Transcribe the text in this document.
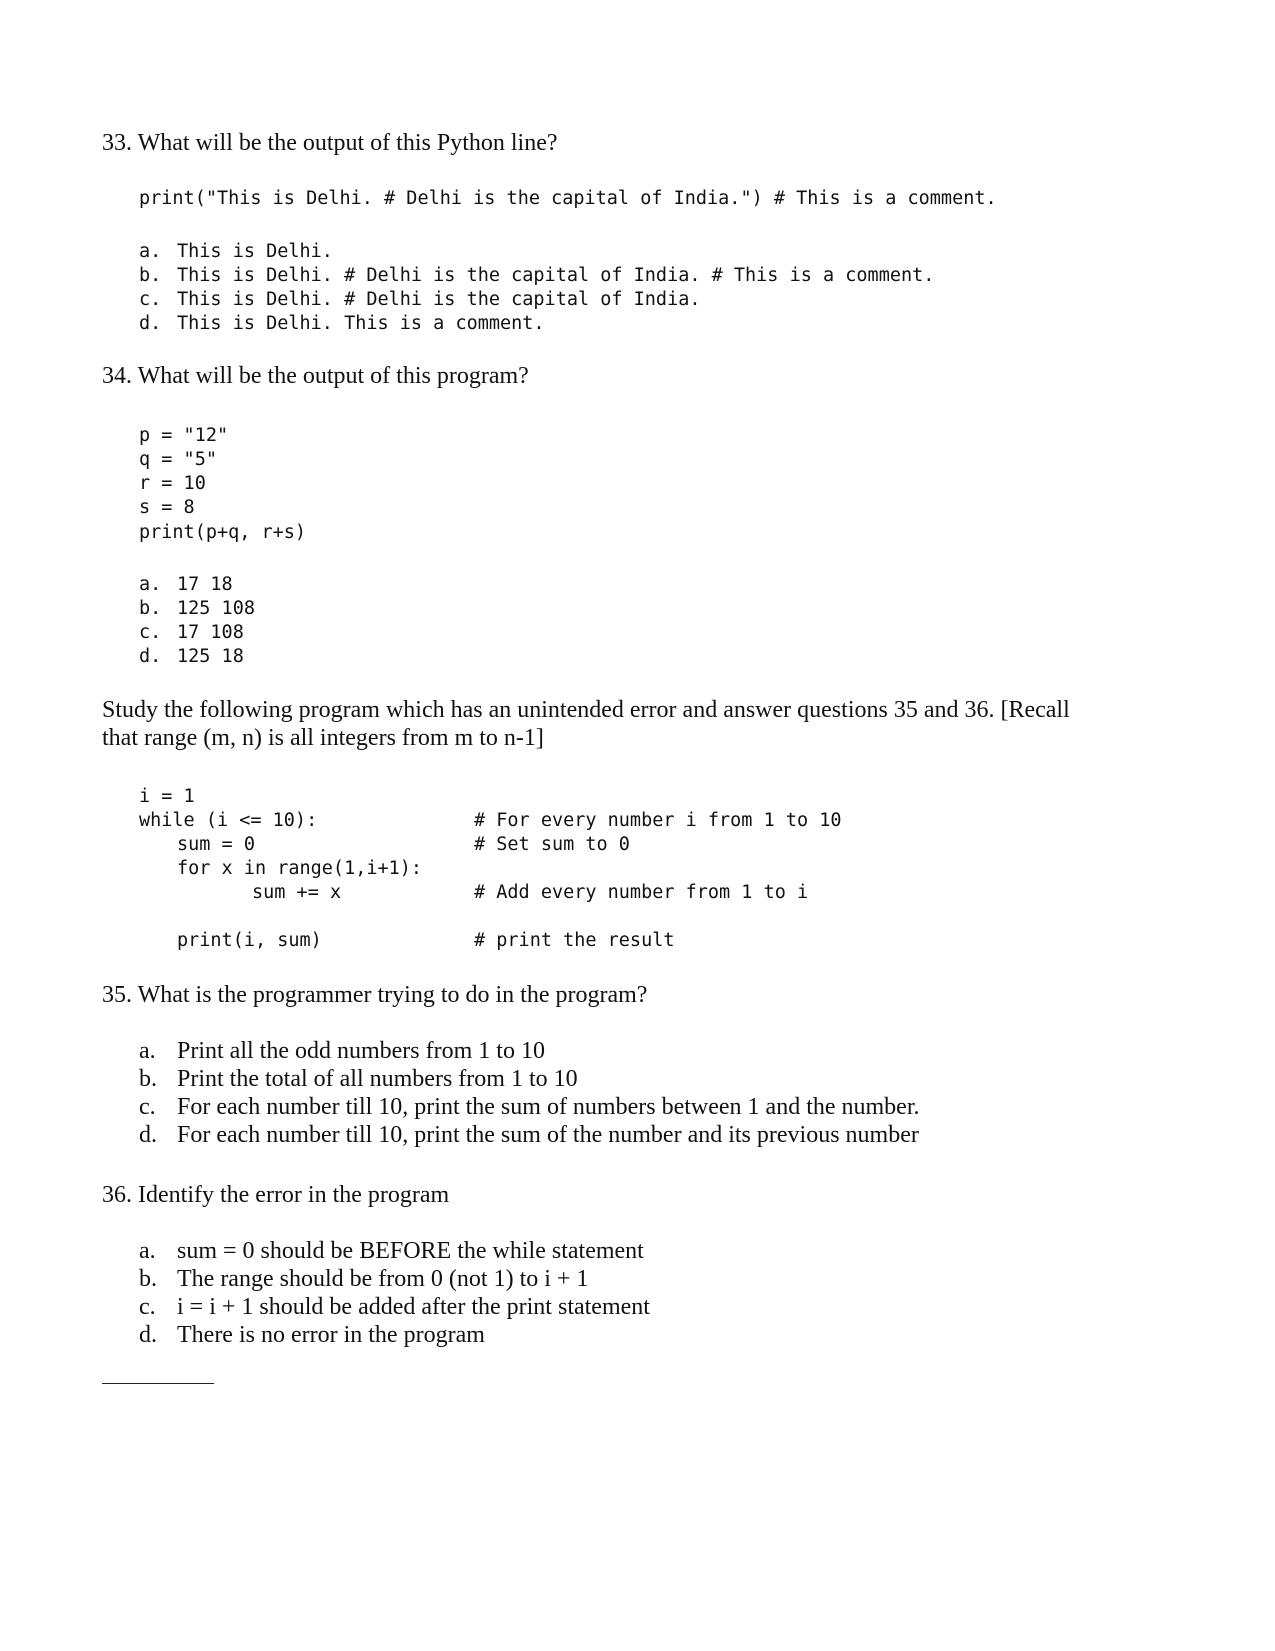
33. What will be the output of this Python line?
print("This is Delhi. # Delhi is the capital of India.") # This is a comment.
a. This is Delhi.
b. This is Delhi. # Delhi is the capital of India. # This is a comment.
c. This is Delhi. # Delhi is the capital of India.
d. This is Delhi. This is a comment.
34. What will be the output of this program?
p = "12"
q = "5"
r = 10
s = 8
print(p+q, r+s)
a. 17 18
b. 125 108
c. 17 108
d. 125 18
Study the following program which has an unintended error and answer questions 35 and 36. [Recall
that range (m, n) is all integers from m to n-1]
i = 1
while (i <= 10):	# For every number i from 1 to 10
sum = 0	# Set sum to 0
for x in range(1,i+1):
sum += x	# Add every number from 1 to i
print(i, sum)	# print the result
35. What is the programmer trying to do in the program?
a. Print all the odd numbers from 1 to 10
b. Print the total of all numbers from 1 to 10
c. For each number till 10, print the sum of numbers between 1 and the number.
d. For each number till 10, print the sum of the number and its previous number
36. Identify the error in the program
a. sum = 0 should be BEFORE the while statement
b. The range should be from 0 (not 1) to i + 1
c. i = i + 1 should be added after the print statement
d. There is no error in the program
